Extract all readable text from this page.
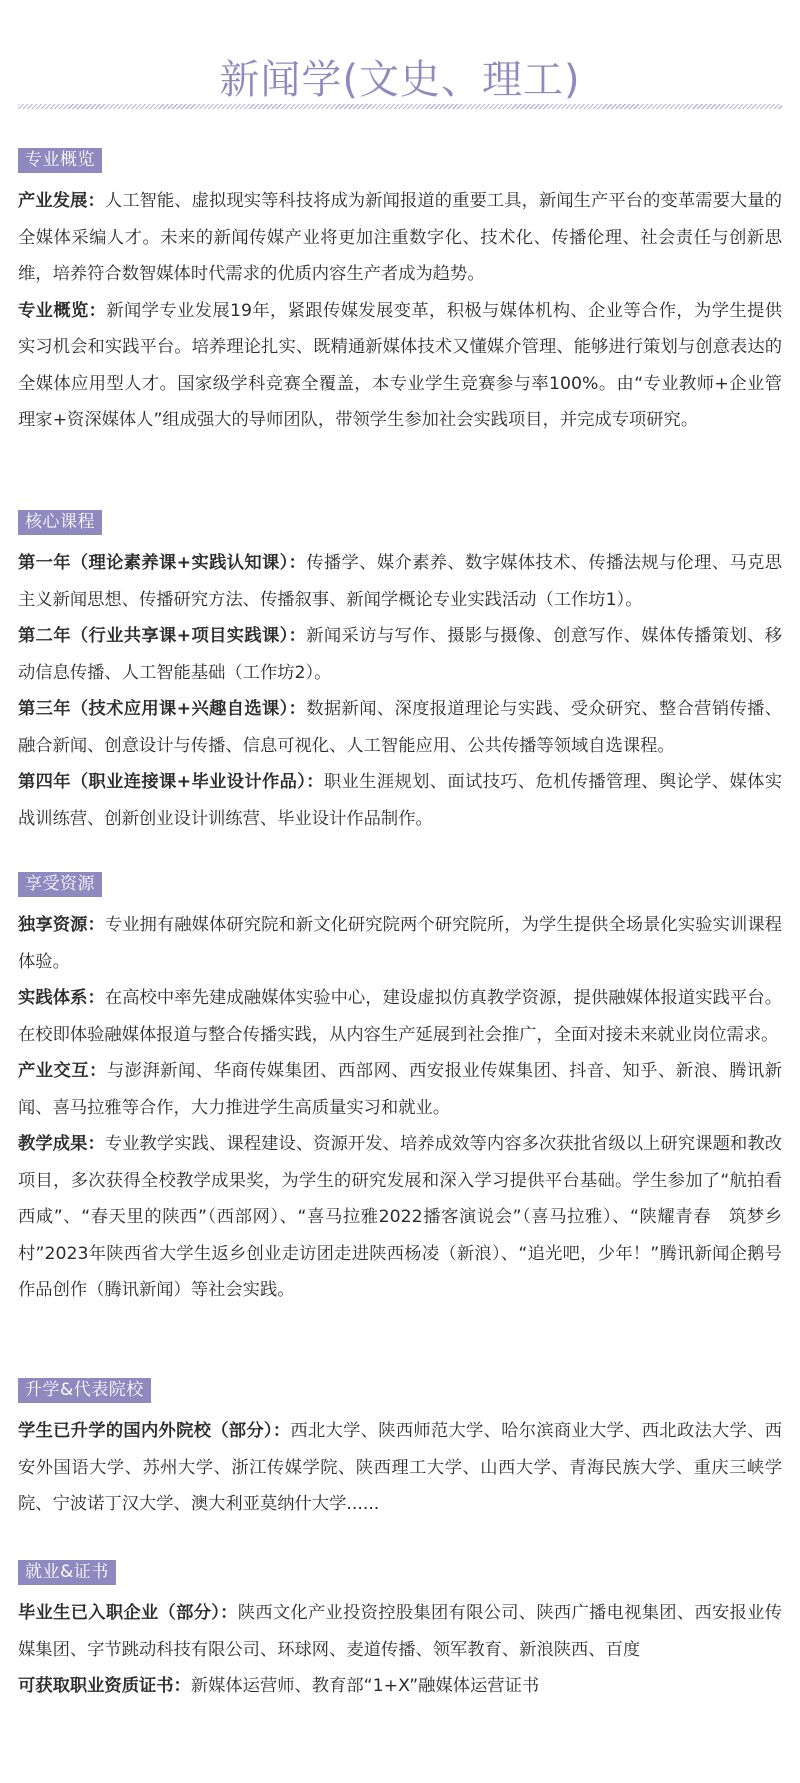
新闻学(文史、理工)
专业概览

产业发展：人工智能、虚拟现实等科技将成为新闻报道的重要工具，新闻生产平台的变革需要大量的全媒体采编人才。未来的新闻传媒产业将更加注重数字化、技术化、传播伦理、社会责任与创新思维，培养符合数智媒体时代需求的优质内容生产者成为趋势。

专业概览：新闻学专业发展19年，紧跟传媒发展变革，积极与媒体机构、企业等合作，为学生提供实习机会和实践平台。培养理论扎实、既精通新媒体技术又懂媒介管理、能够进行策划与创意表达的全媒体应用型人才。国家级学科竞赛全覆盖，本专业学生竞赛参与率100%。由“专业教师+企业管理家+资深媒体人”组成强大的导师团队，带领学生参加社会实践项目，并完成专项研究。

核心课程

第一年（理论素养课+实践认知课）：传播学、媒介素养、数字媒体技术、传播法规与伦理、马克思主义新闻思想、传播研究方法、传播叙事、新闻学概论专业实践活动（工作坊1）。

第二年（行业共享课+项目实践课）：新闻采访与写作、摄影与摄像、创意写作、媒体传播策划、移动信息传播、人工智能基础（工作坊2）。

第三年（技术应用课+兴趣自选课）：数据新闻、深度报道理论与实践、受众研究、整合营销传播、融合新闻、创意设计与传播、信息可视化、人工智能应用、公共传播等领域自选课程。

第四年（职业连接课+毕业设计作品）：职业生涯规划、面试技巧、危机传播管理、舆论学、媒体实战训练营、创新创业设计训练营、毕业设计作品制作。

享受资源

独享资源：专业拥有融媒体研究院和新文化研究院两个研究院所，为学生提供全场景化实验实训课程体验。

实践体系：在高校中率先建成融媒体实验中心，建设虚拟仿真教学资源，提供融媒体报道实践平台。在校即体验融媒体报道与整合传播实践，从内容生产延展到社会推广，全面对接未来就业岗位需求。

产业交互：与澎湃新闻、华商传媒集团、西部网、西安报业传媒集团、抖音、知乎、新浪、腾讯新闻、喜马拉雅等合作，大力推进学生高质量实习和就业。

教学成果：专业教学实践、课程建设、资源开发、培养成效等内容多次获批省级以上研究课题和教改项目，多次获得全校教学成果奖，为学生的研究发展和深入学习提供平台基础。学生参加了“航拍看西咸”、“春天里的陕西”（西部网）、“喜马拉雅2022播客演说会”（喜马拉雅）、“陕耀青春　筑梦乡村”2023年陕西省大学生返乡创业走访团走进陕西杨凌（新浪）、“追光吧，少年！”腾讯新闻企鹅号作品创作（腾讯新闻）等社会实践。

升学&代表院校

学生已升学的国内外院校（部分）：西北大学、陕西师范大学、哈尔滨商业大学、西北政法大学、西安外国语大学、苏州大学、浙江传媒学院、陕西理工大学、山西大学、青海民族大学、重庆三峡学院、宁波诺丁汉大学、澳大利亚莫纳什大学......

就业&证书

毕业生已入职企业（部分）：陕西文化产业投资控股集团有限公司、陕西广播电视集团、西安报业传媒集团、字节跳动科技有限公司、环球网、麦道传播、领军教育、新浪陕西、百度

可获取职业资质证书：新媒体运营师、教育部“1+X”融媒体运营证书
